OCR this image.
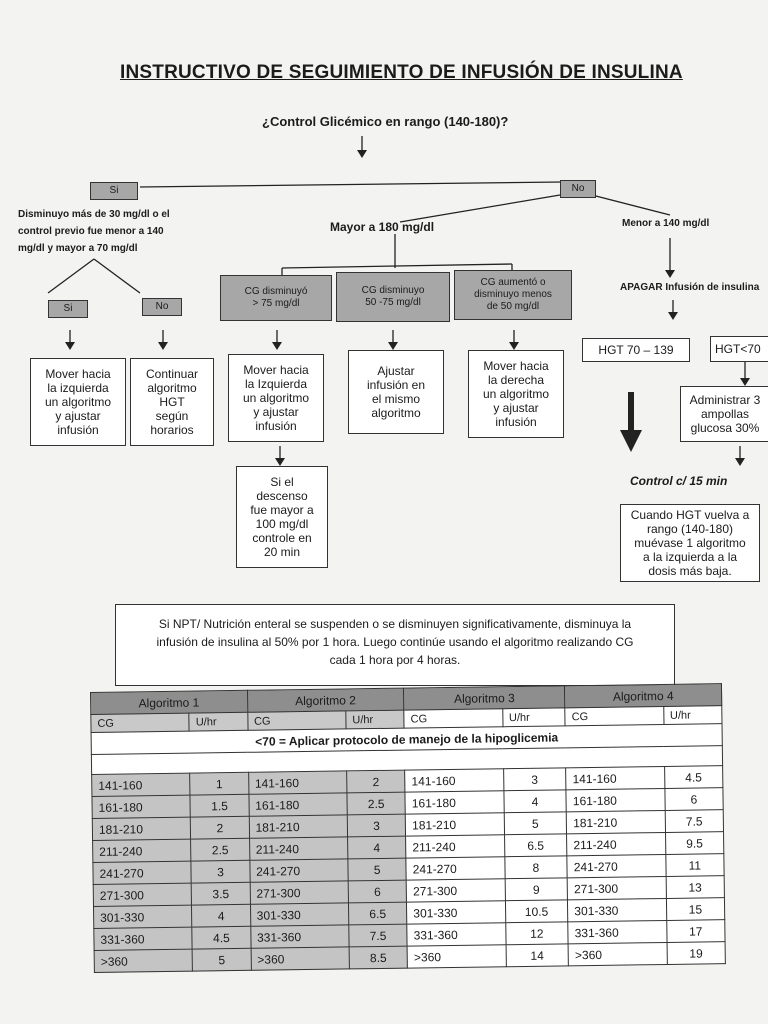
INSTRUCTIVO DE SEGUIMIENTO DE INFUSIÓN DE INSULINA
¿Control Glicémico en rango (140-180)?
Si
Disminuyo más de 30 mg/dl o el
control previo fue menor a 140
mg/dl y mayor a 70 mg/dl
Si	No
Mover hacia
la izquierda
un algoritmo
y ajustar
infusión
Continuar
algoritmo
HGT
según
horarios
No
Mayor a 180 mg/dl
CG disminuyó
> 75 mg/dl
CG disminuyo
50 -75 mg/dl
CG aumentó o
disminuyo menos
de 50 mg/dl
Mover hacia
la Izquierda
un algoritmo
y ajustar
infusión
Ajustar
infusión en
el mismo
algoritmo
Mover hacia
la derecha
un algoritmo
y ajustar
infusión
Si el
descenso
fue mayor a
100 mg/dl
controle en
20 min
Menor a 140 mg/dl
APAGAR Infusión de insulina
HGT 70 – 139	HGT<70
Administrar 3
ampollas
glucosa 30%
Control c/ 15 min
Cuando HGT vuelva a
rango (140-180)
muévase 1 algoritmo
a la izquierda a la
dosis más baja.
Si NPT/ Nutrición enteral se suspenden o se disminuyen significativamente, disminuya la
infusión de insulina al 50% por 1 hora. Luego continúe usando el algoritmo realizando CG
cada 1 hora por 4 horas.
Algoritmo 1		Algoritmo 2		Algoritmo 3		Algoritmo 4	
CG	U/hr	CG	U/hr	CG	U/hr	CG	U/hr
<70 = Aplicar protocolo de manejo de la hipoglicemia							

141-160	1	141-160	2	141-160	3	141-160	4.5
161-180	1.5	161-180	2.5	161-180	4	161-180	6
181-210	2	181-210	3	181-210	5	181-210	7.5
211-240	2.5	211-240	4	211-240	6.5	211-240	9.5
241-270	3	241-270	5	241-270	8	241-270	11
271-300	3.5	271-300	6	271-300	9	271-300	13
301-330	4	301-330	6.5	301-330	10.5	301-330	15
331-360	4.5	331-360	7.5	331-360	12	331-360	17
>360	5	>360	8.5	>360	14	>360	19
